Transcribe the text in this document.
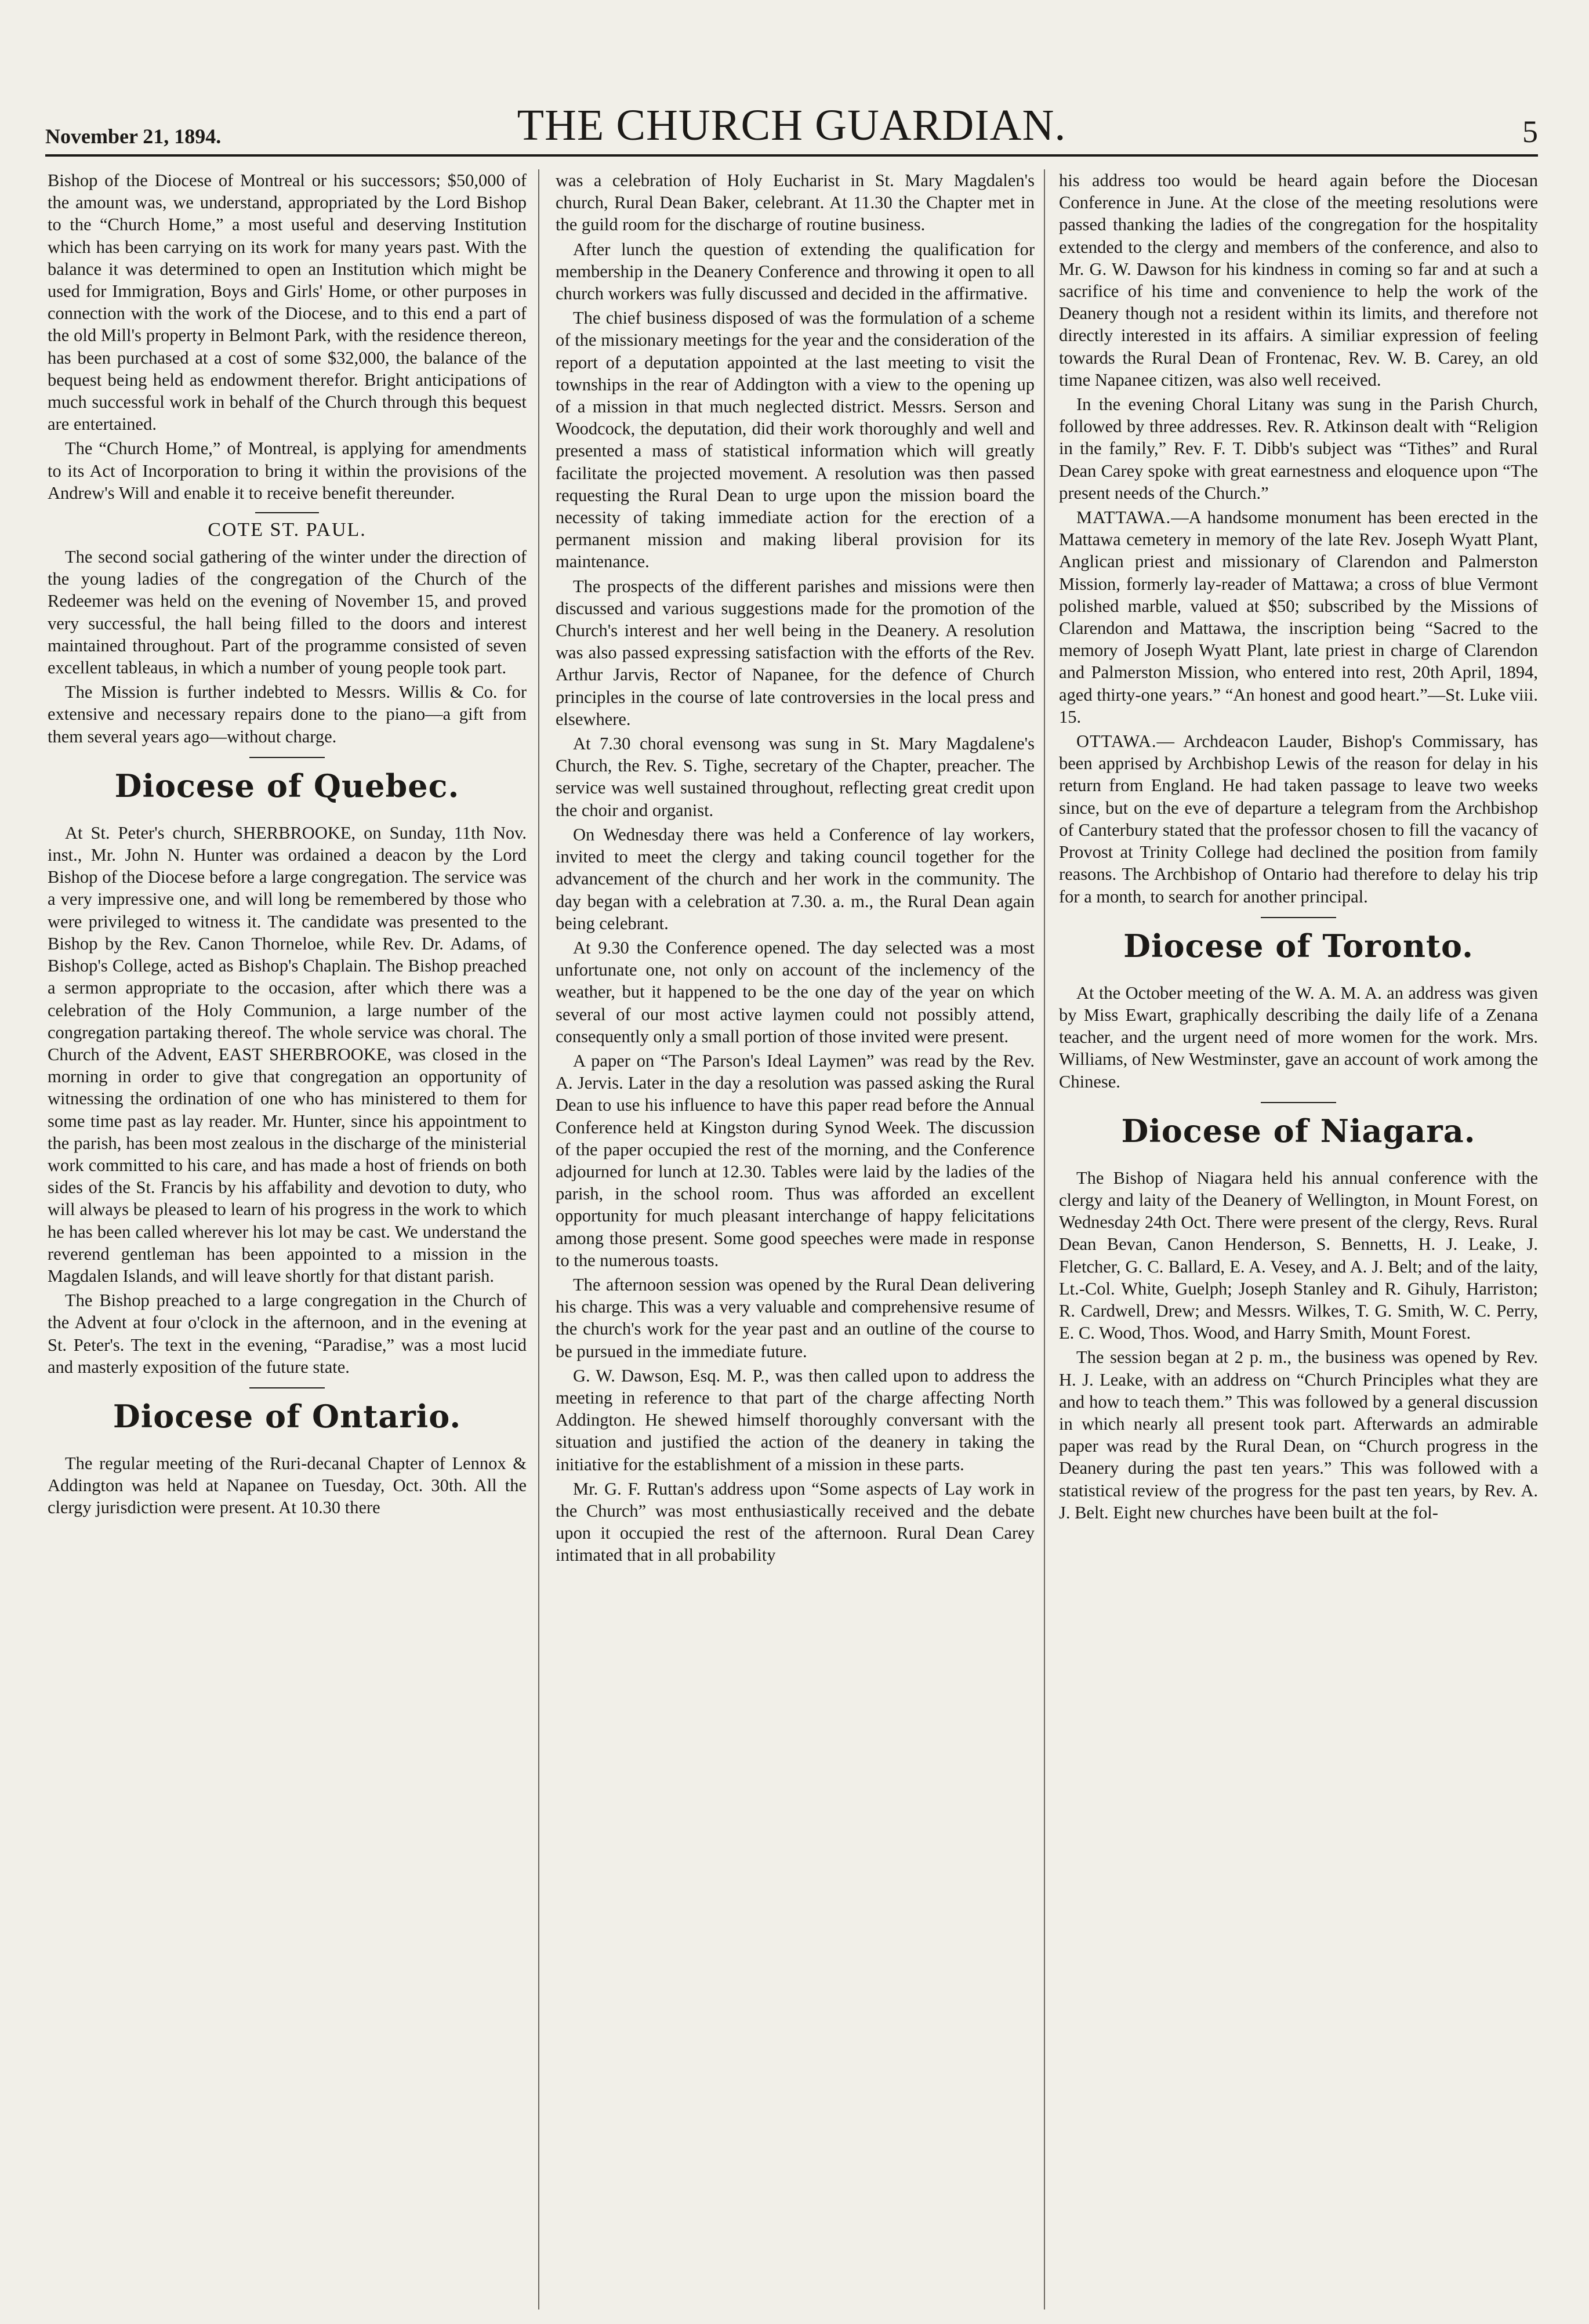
November 21, 1894.	THE CHURCH GUARDIAN.	5

Bishop of the Diocese of Montreal or his successors; $50,000 of the amount was, we understand, appropriated by the Lord Bishop to the “Church Home,” a most useful and deserving Institution which has been carrying on its work for many years past. With the balance it was determined to open an Institution which might be used for Immigration, Boys and Girls' Home, or other purposes in connection with the work of the Diocese, and to this end a part of the old Mill's property in Belmont Park, with the residence thereon, has been purchased at a cost of some $32,000, the balance of the bequest being held as endowment therefor. Bright anticipations of much successful work in behalf of the Church through this bequest are entertained.

The “Church Home,” of Montreal, is applying for amendments to its Act of Incorporation to bring it within the provisions of the Andrew's Will and enable it to receive benefit thereunder.

COTE ST. PAUL.

The second social gathering of the winter under the direction of the young ladies of the congregation of the Church of the Redeemer was held on the evening of November 15, and proved very successful, the hall being filled to the doors and interest maintained throughout. Part of the programme consisted of seven excellent tableaus, in which a number of young people took part.

The Mission is further indebted to Messrs. Willis & Co. for extensive and necessary repairs done to the piano—a gift from them several years ago—without charge.

Diocese of Quebec.

At St. Peter's church, SHERBROOKE, on Sunday, 11th Nov. inst., Mr. John N. Hunter was ordained a deacon by the Lord Bishop of the Diocese before a large congregation. The service was a very impressive one, and will long be remembered by those who were privileged to witness it. The candidate was presented to the Bishop by the Rev. Canon Thorneloe, while Rev. Dr. Adams, of Bishop's College, acted as Bishop's Chaplain. The Bishop preached a sermon appropriate to the occasion, after which there was a celebration of the Holy Communion, a large number of the congregation partaking thereof. The whole service was choral. The Church of the Advent, EAST SHERBROOKE, was closed in the morning in order to give that congregation an opportunity of witnessing the ordination of one who has ministered to them for some time past as lay reader. Mr. Hunter, since his appointment to the parish, has been most zealous in the discharge of the ministerial work committed to his care, and has made a host of friends on both sides of the St. Francis by his affability and devotion to duty, who will always be pleased to learn of his progress in the work to which he has been called wherever his lot may be cast. We understand the reverend gentleman has been appointed to a mission in the Magdalen Islands, and will leave shortly for that distant parish.

The Bishop preached to a large congregation in the Church of the Advent at four o'clock in the afternoon, and in the evening at St. Peter's. The text in the evening, “Paradise,” was a most lucid and masterly exposition of the future state.

Diocese of Ontario.

The regular meeting of the Ruri-decanal Chapter of Lennox & Addington was held at Napanee on Tuesday, Oct. 30th. All the clergy jurisdiction were present. At 10.30 there

was a celebration of Holy Eucharist in St. Mary Magdalen's church, Rural Dean Baker, celebrant. At 11.30 the Chapter met in the guild room for the discharge of routine business.

After lunch the question of extending the qualification for membership in the Deanery Conference and throwing it open to all church workers was fully discussed and decided in the affirmative.

The chief business disposed of was the formulation of a scheme of the missionary meetings for the year and the consideration of the report of a deputation appointed at the last meeting to visit the townships in the rear of Addington with a view to the opening up of a mission in that much neglected district. Messrs. Serson and Woodcock, the deputation, did their work thoroughly and well and presented a mass of statistical information which will greatly facilitate the projected movement. A resolution was then passed requesting the Rural Dean to urge upon the mission board the necessity of taking immediate action for the erection of a permanent mission and making liberal provision for its maintenance.

The prospects of the different parishes and missions were then discussed and various suggestions made for the promotion of the Church's interest and her well being in the Deanery. A resolution was also passed expressing satisfaction with the efforts of the Rev. Arthur Jarvis, Rector of Napanee, for the defence of Church principles in the course of late controversies in the local press and elsewhere.

At 7.30 choral evensong was sung in St. Mary Magdalene's Church, the Rev. S. Tighe, secretary of the Chapter, preacher. The service was well sustained throughout, reflecting great credit upon the choir and organist.

On Wednesday there was held a Conference of lay workers, invited to meet the clergy and taking council together for the advancement of the church and her work in the community. The day began with a celebration at 7.30. a. m., the Rural Dean again being celebrant.

At 9.30 the Conference opened. The day selected was a most unfortunate one, not only on account of the inclemency of the weather, but it happened to be the one day of the year on which several of our most active laymen could not possibly attend, consequently only a small portion of those invited were present.

A paper on “The Parson's Ideal Laymen” was read by the Rev. A. Jervis. Later in the day a resolution was passed asking the Rural Dean to use his influence to have this paper read before the Annual Conference held at Kingston during Synod Week. The discussion of the paper occupied the rest of the morning, and the Conference adjourned for lunch at 12.30. Tables were laid by the ladies of the parish, in the school room. Thus was afforded an excellent opportunity for much pleasant interchange of happy felicitations among those present. Some good speeches were made in response to the numerous toasts.

The afternoon session was opened by the Rural Dean delivering his charge. This was a very valuable and comprehensive resume of the church's work for the year past and an outline of the course to be pursued in the immediate future.

G. W. Dawson, Esq. M. P., was then called upon to address the meeting in reference to that part of the charge affecting North Addington. He shewed himself thoroughly conversant with the situation and justified the action of the deanery in taking the initiative for the establishment of a mission in these parts.

Mr. G. F. Ruttan's address upon “Some aspects of Lay work in the Church” was most enthusiastically received and the debate upon it occupied the rest of the afternoon. Rural Dean Carey intimated that in all probability

his address too would be heard again before the Diocesan Conference in June. At the close of the meeting resolutions were passed thanking the ladies of the congregation for the hospitality extended to the clergy and members of the conference, and also to Mr. G. W. Dawson for his kindness in coming so far and at such a sacrifice of his time and convenience to help the work of the Deanery though not a resident within its limits, and therefore not directly interested in its affairs. A similiar expression of feeling towards the Rural Dean of Frontenac, Rev. W. B. Carey, an old time Napanee citizen, was also well received.

In the evening Choral Litany was sung in the Parish Church, followed by three addresses. Rev. R. Atkinson dealt with “Religion in the family,” Rev. F. T. Dibb's subject was “Tithes” and Rural Dean Carey spoke with great earnestness and eloquence upon “The present needs of the Church.”

MATTAWA.—A handsome monument has been erected in the Mattawa cemetery in memory of the late Rev. Joseph Wyatt Plant, Anglican priest and missionary of Clarendon and Palmerston Mission, formerly lay-reader of Mattawa; a cross of blue Vermont polished marble, valued at $50; subscribed by the Missions of Clarendon and Mattawa, the inscription being “Sacred to the memory of Joseph Wyatt Plant, late priest in charge of Clarendon and Palmerston Mission, who entered into rest, 20th April, 1894, aged thirty-one years.” “An honest and good heart.”—St. Luke viii. 15.

OTTAWA.— Archdeacon Lauder, Bishop's Commissary, has been apprised by Archbishop Lewis of the reason for delay in his return from England. He had taken passage to leave two weeks since, but on the eve of departure a telegram from the Archbishop of Canterbury stated that the professor chosen to fill the vacancy of Provost at Trinity College had declined the position from family reasons. The Archbishop of Ontario had therefore to delay his trip for a month, to search for another principal.

Diocese of Toronto.

At the October meeting of the W. A. M. A. an address was given by Miss Ewart, graphically describing the daily life of a Zenana teacher, and the urgent need of more women for the work. Mrs. Williams, of New Westminster, gave an account of work among the Chinese.

Diocese of Niagara.

The Bishop of Niagara held his annual conference with the clergy and laity of the Deanery of Wellington, in Mount Forest, on Wednesday 24th Oct. There were present of the clergy, Revs. Rural Dean Bevan, Canon Henderson, S. Bennetts, H. J. Leake, J. Fletcher, G. C. Ballard, E. A. Vesey, and A. J. Belt; and of the laity, Lt.-Col. White, Guelph; Joseph Stanley and R. Gihuly, Harriston; R. Cardwell, Drew; and Messrs. Wilkes, T. G. Smith, W. C. Perry, E. C. Wood, Thos. Wood, and Harry Smith, Mount Forest.

The session began at 2 p. m., the business was opened by Rev. H. J. Leake, with an address on “Church Principles what they are and how to teach them.” This was followed by a general discussion in which nearly all present took part. Afterwards an admirable paper was read by the Rural Dean, on “Church progress in the Deanery during the past ten years.” This was followed with a statistical review of the progress for the past ten years, by Rev. A. J. Belt. Eight new churches have been built at the fol-
